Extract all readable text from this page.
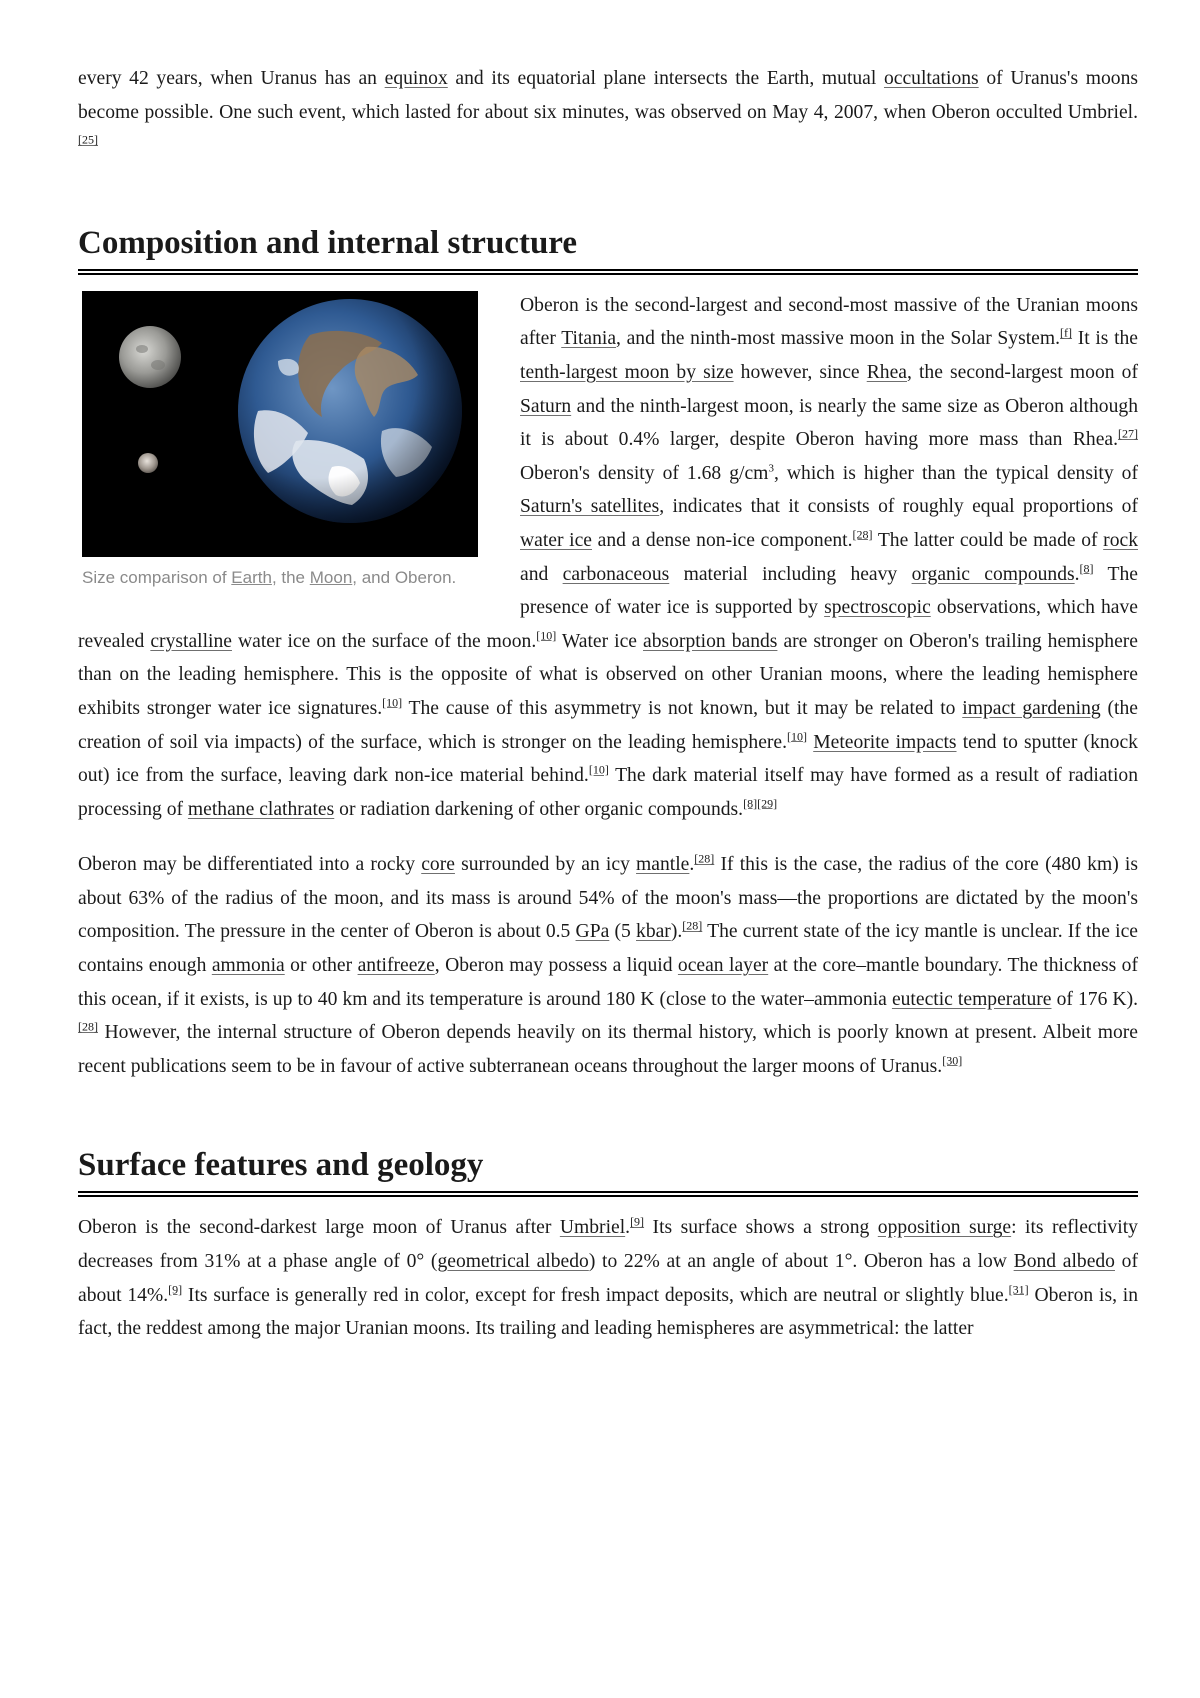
every 42 years, when Uranus has an equinox and its equatorial plane intersects the Earth, mutual occultations of Uranus's moons become possible. One such event, which lasted for about six minutes, was observed on May 4, 2007, when Oberon occulted Umbriel.[25]

Composition and internal structure
Size comparison of Earth, the Moon, and Oberon.

Oberon is the second-largest and second-most massive of the Uranian moons after Titania, and the ninth-most massive moon in the Solar System.[f] It is the tenth-largest moon by size however, since Rhea, the second-largest moon of Saturn and the ninth-largest moon, is nearly the same size as Oberon although it is about 0.4% larger, despite Oberon having more mass than Rhea.[27] Oberon's density of 1.68 $g/cm^3$, which is higher than the typical density of Saturn's satellites, indicates that it consists of roughly equal proportions of water ice and a dense non-ice component.[28] The latter could be made of rock and carbonaceous material including heavy organic compounds.[8] The presence of water ice is supported by spectroscopic observations, which have revealed crystalline water ice on the surface of the moon.[10] Water ice absorption bands are stronger on Oberon's trailing hemisphere than on the leading hemisphere. This is the opposite of what is observed on other Uranian moons, where the leading hemisphere exhibits stronger water ice signatures.[10] The cause of this asymmetry is not known, but it may be related to impact gardening (the creation of soil via impacts) of the surface, which is stronger on the leading hemisphere.[10] Meteorite impacts tend to sputter (knock out) ice from the surface, leaving dark non-ice material behind.[10] The dark material itself may have formed as a result of radiation processing of methane clathrates or radiation darkening of other organic compounds.[8][29]

Oberon may be differentiated into a rocky core surrounded by an icy mantle.[28] If this is the case, the radius of the core (480 km) is about 63% of the radius of the moon, and its mass is around 54% of the moon's mass—the proportions are dictated by the moon's composition. The pressure in the center of Oberon is about 0.5 GPa (5 kbar).[28] The current state of the icy mantle is unclear. If the ice contains enough ammonia or other antifreeze, Oberon may possess a liquid ocean layer at the core–mantle boundary. The thickness of this ocean, if it exists, is up to 40 km and its temperature is around 180 K (close to the water–ammonia eutectic temperature of 176 K).[28] However, the internal structure of Oberon depends heavily on its thermal history, which is poorly known at present. Albeit more recent publications seem to be in favour of active subterranean oceans throughout the larger moons of Uranus.[30]

Surface features and geology

Oberon is the second-darkest large moon of Uranus after Umbriel.[9] Its surface shows a strong opposition surge: its reflectivity decreases from 31% at a phase angle of 0° (geometrical albedo) to 22% at an angle of about 1°. Oberon has a low Bond albedo of about 14%.[9] Its surface is generally red in color, except for fresh impact deposits, which are neutral or slightly blue.[31] Oberon is, in fact, the reddest among the major Uranian moons. Its trailing and leading hemispheres are asymmetrical: the latter
